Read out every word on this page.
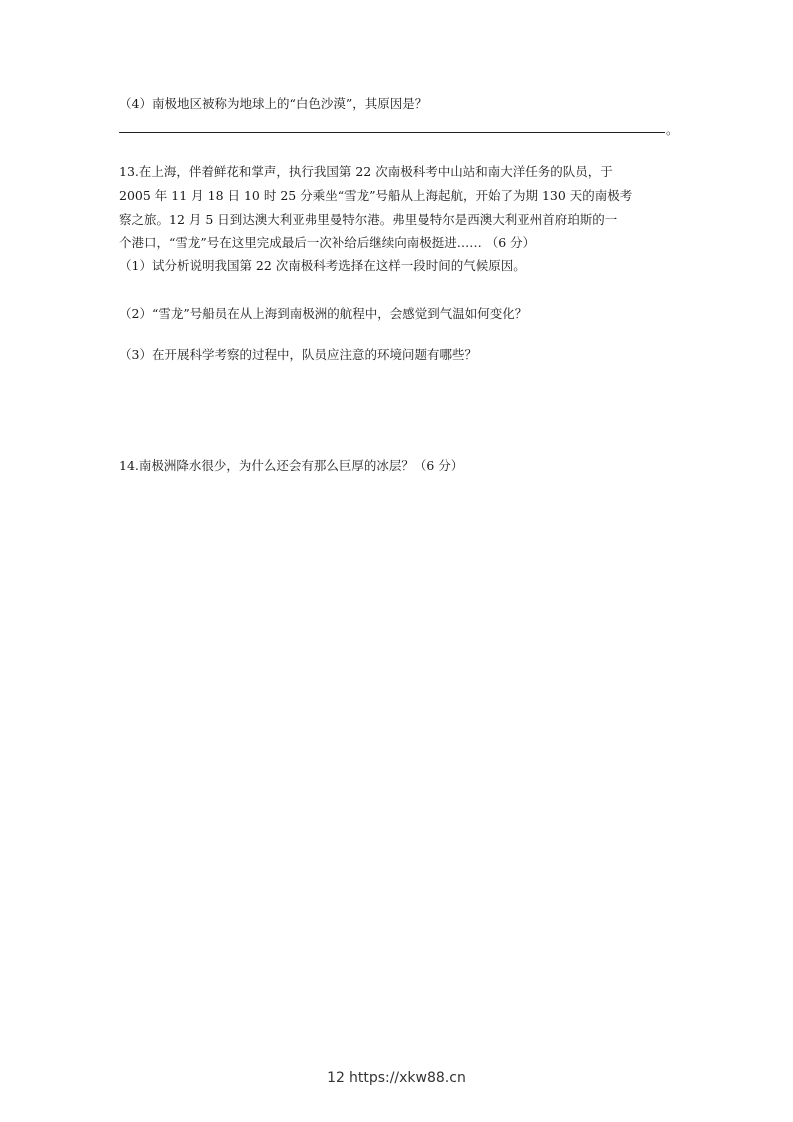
（4）南极地区被称为地球上的“白色沙漠”，其原因是？
。
13.在上海，伴着鲜花和掌声，执行我国第 22 次南极科考中山站和南大洋任务的队员，于
2005 年 11 月 18 日 10 时 25 分乘坐“雪龙”号船从上海起航，开始了为期 130 天的南极考
察之旅。12 月 5 日到达澳大利亚弗里曼特尔港。弗里曼特尔是西澳大利亚州首府珀斯的一
个港口，“雪龙”号在这里完成最后一次补给后继续向南极挺进…… （6 分）
（1）试分析说明我国第 22 次南极科考选择在这样一段时间的气候原因。
（2）“雪龙”号船员在从上海到南极洲的航程中，会感觉到气温如何变化？
（3）在开展科学考察的过程中，队员应注意的环境问题有哪些？
14.南极洲降水很少，为什么还会有那么巨厚的冰层？（6 分）
12 https://xkw88.cn
